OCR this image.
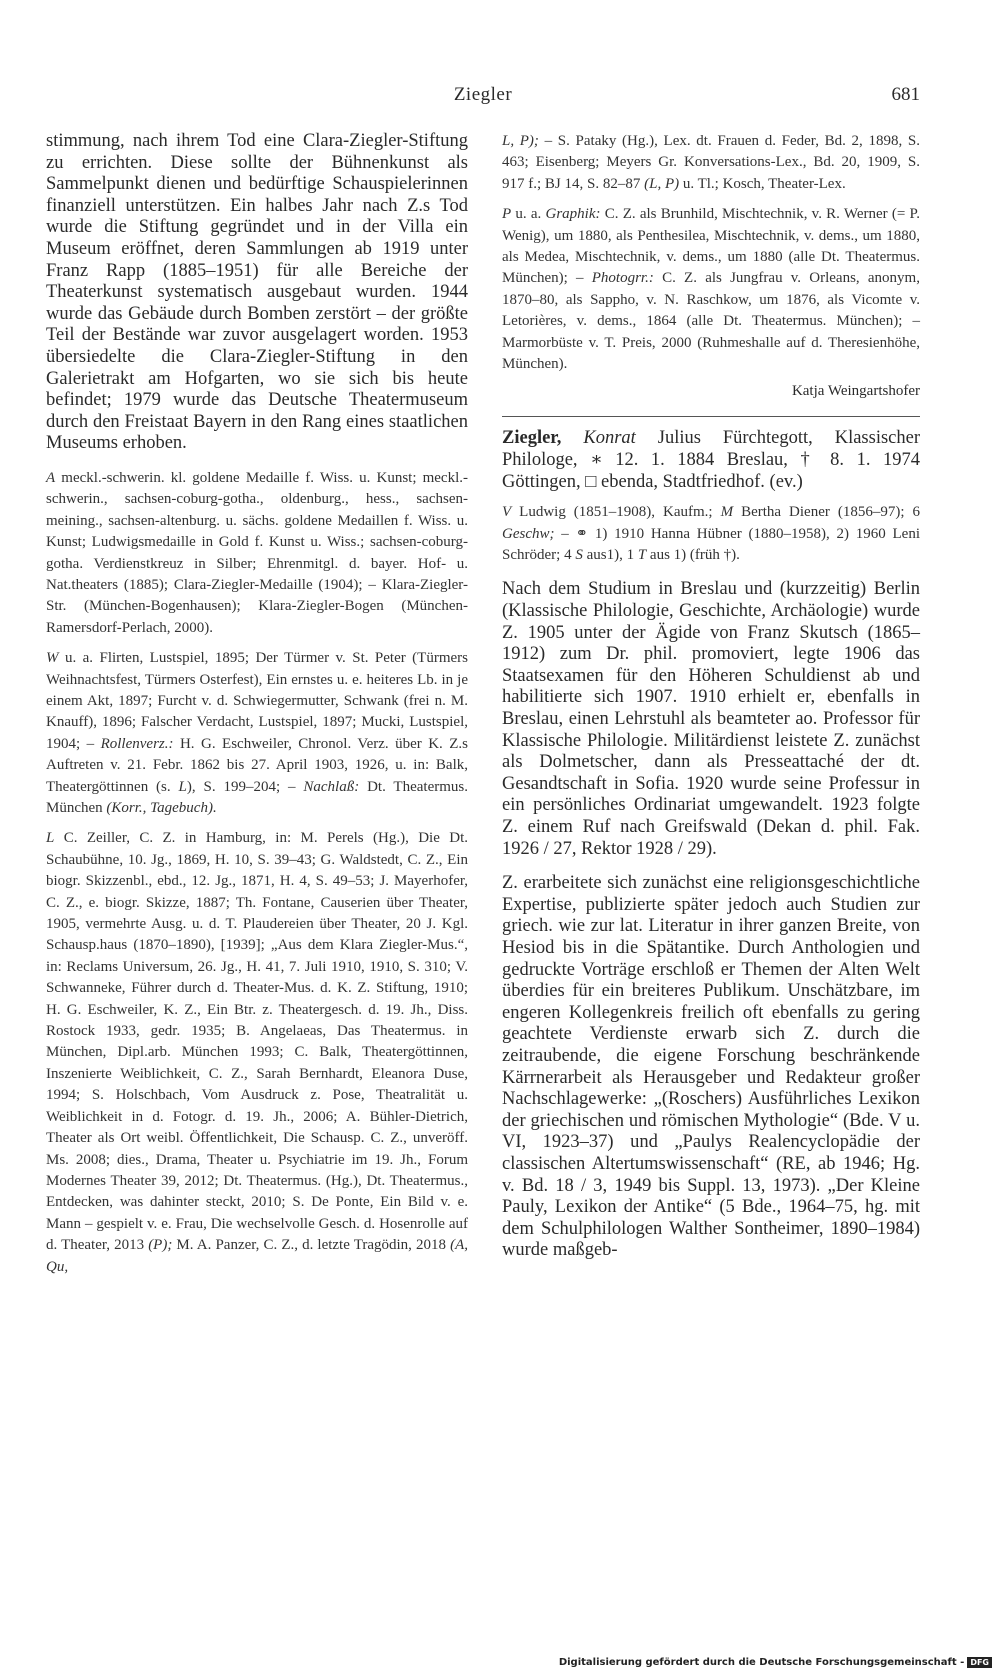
Ziegler	681

stimmung, nach ihrem Tod eine Clara-Ziegler-Stiftung zu errichten. Diese sollte der Bühnenkunst als Sammelpunkt dienen und bedürftige Schauspielerinnen finanziell unterstützen. Ein halbes Jahr nach Z.s Tod wurde die Stiftung gegründet und in der Villa ein Museum eröffnet, deren Sammlungen ab 1919 unter Franz Rapp (1885–1951) für alle Bereiche der Theaterkunst systematisch ausgebaut wurden. 1944 wurde das Gebäude durch Bomben zerstört – der größte Teil der Bestände war zuvor ausgelagert worden. 1953 übersiedelte die Clara-Ziegler-Stiftung in den Galerietrakt am Hofgarten, wo sie sich bis heute befindet; 1979 wurde das Deutsche Theatermuseum durch den Freistaat Bayern in den Rang eines staatlichen Museums erhoben.

A meckl.-schwerin. kl. goldene Medaille f. Wiss. u. Kunst; meckl.-schwerin., sachsen-coburg-gotha., oldenburg., hess., sachsen-meining., sachsen-altenburg. u. sächs. goldene Medaillen f. Wiss. u. Kunst; Ludwigsmedaille in Gold f. Kunst u. Wiss.; sachsen-coburg-gotha. Verdienstkreuz in Silber; Ehrenmitgl. d. bayer. Hof- u. Nat.theaters (1885); Clara-Ziegler-Medaille (1904); – Klara-Ziegler-Str. (München-Bogenhausen); Klara-Ziegler-Bogen (München-Ramersdorf-Perlach, 2000).

W u. a. Flirten, Lustspiel, 1895; Der Türmer v. St. Peter (Türmers Weihnachtsfest, Türmers Osterfest), Ein ernstes u. e. heiteres Lb. in je einem Akt, 1897; Furcht v. d. Schwiegermutter, Schwank (frei n. M. Knauff), 1896; Falscher Verdacht, Lustspiel, 1897; Mucki, Lustspiel, 1904; – Rollenverz.: H. G. Eschweiler, Chronol. Verz. über K. Z.s Auftreten v. 21. Febr. 1862 bis 27. April 1903, 1926, u. in: Balk, Theatergöttinnen (s. L), S. 199–204; – Nachlaß: Dt. Theatermus. München (Korr., Tagebuch).

L C. Zeiller, C. Z. in Hamburg, in: M. Perels (Hg.), Die Dt. Schaubühne, 10. Jg., 1869, H. 10, S. 39–43; G. Waldstedt, C. Z., Ein biogr. Skizzenbl., ebd., 12. Jg., 1871, H. 4, S. 49–53; J. Mayerhofer, C. Z., e. biogr. Skizze, 1887; Th. Fontane, Causerien über Theater, 1905, vermehrte Ausg. u. d. T. Plaudereien über Theater, 20 J. Kgl. Schausp.haus (1870–1890), [1939]; „Aus dem Klara Ziegler-Mus.“, in: Reclams Universum, 26. Jg., H. 41, 7. Juli 1910, 1910, S. 310; V. Schwanneke, Führer durch d. Theater-Mus. d. K. Z. Stiftung, 1910; H. G. Eschweiler, K. Z., Ein Btr. z. Theatergesch. d. 19. Jh., Diss. Rostock 1933, gedr. 1935; B. Angelaeas, Das Theatermus. in München, Dipl.arb. München 1993; C. Balk, Theatergöttinnen, Inszenierte Weiblichkeit, C. Z., Sarah Bernhardt, Eleanora Duse, 1994; S. Holschbach, Vom Ausdruck z. Pose, Theatralität u. Weiblichkeit in d. Fotogr. d. 19. Jh., 2006; A. Bühler-Dietrich, Theater als Ort weibl. Öffentlichkeit, Die Schausp. C. Z., unveröff. Ms. 2008; dies., Drama, Theater u. Psychiatrie im 19. Jh., Forum Modernes Theater 39, 2012; Dt. Theatermus. (Hg.), Dt. Theatermus., Entdecken, was dahinter steckt, 2010; S. De Ponte, Ein Bild v. e. Mann – gespielt v. e. Frau, Die wechselvolle Gesch. d. Hosenrolle auf d. Theater, 2013 (P); M. A. Panzer, C. Z., d. letzte Tragödin, 2018 (A, Qu,

L, P); – S. Pataky (Hg.), Lex. dt. Frauen d. Feder, Bd. 2, 1898, S. 463; Eisenberg; Meyers Gr. Konversations-Lex., Bd. 20, 1909, S. 917 f.; BJ 14, S. 82–87 (L, P) u. Tl.; Kosch, Theater-Lex.

P u. a. Graphik: C. Z. als Brunhild, Mischtechnik, v. R. Werner (= P. Wenig), um 1880, als Penthesilea, Mischtechnik, v. dems., um 1880, als Medea, Mischtechnik, v. dems., um 1880 (alle Dt. Theatermus. München); – Photogrr.: C. Z. als Jungfrau v. Orleans, anonym, 1870–80, als Sappho, v. N. Raschkow, um 1876, als Vicomte v. Letorières, v. dems., 1864 (alle Dt. Theatermus. München); – Marmorbüste v. T. Preis, 2000 (Ruhmeshalle auf d. Theresienhöhe, München).

Katja Weingartshofer

Ziegler, Konrat Julius Fürchtegott, Klassischer Philologe, ∗ 12. 1. 1884 Breslau, † 8. 1. 1974 Göttingen, □ ebenda, Stadtfriedhof. (ev.)

V Ludwig (1851–1908), Kaufm.; M Bertha Diener (1856–97); 6 Geschw; – ⚭ 1) 1910 Hanna Hübner (1880–1958), 2) 1960 Leni Schröder; 4 S aus1), 1 T aus 1) (früh †).

Nach dem Studium in Breslau und (kurzzeitig) Berlin (Klassische Philologie, Geschichte, Archäologie) wurde Z. 1905 unter der Ägide von Franz Skutsch (1865–1912) zum Dr. phil. promoviert, legte 1906 das Staatsexamen für den Höheren Schuldienst ab und habilitierte sich 1907. 1910 erhielt er, ebenfalls in Breslau, einen Lehrstuhl als beamteter ao. Professor für Klassische Philologie. Militärdienst leistete Z. zunächst als Dolmetscher, dann als Presseattaché der dt. Gesandtschaft in Sofia. 1920 wurde seine Professur in ein persönliches Ordinariat umgewandelt. 1923 folgte Z. einem Ruf nach Greifswald (Dekan d. phil. Fak. 1926 / 27, Rektor 1928 / 29).

Z. erarbeitete sich zunächst eine religionsgeschichtliche Expertise, publizierte später jedoch auch Studien zur griech. wie zur lat. Literatur in ihrer ganzen Breite, von Hesiod bis in die Spätantike. Durch Anthologien und gedruckte Vorträge erschloß er Themen der Alten Welt überdies für ein breiteres Publikum. Unschätzbare, im engeren Kollegenkreis freilich oft ebenfalls zu gering geachtete Verdienste erwarb sich Z. durch die zeitraubende, die eigene Forschung beschränkende Kärrnerarbeit als Herausgeber und Redakteur großer Nachschlagewerke: „(Roschers) Ausführliches Lexikon der griechischen und römischen Mythologie“ (Bde. V u. VI, 1923–37) und „Paulys Realencyclopädie der classischen Altertumswissenschaft“ (RE, ab 1946; Hg. v. Bd. 18 / 3, 1949 bis Suppl. 13, 1973). „Der Kleine Pauly, Lexikon der Antike“ (5 Bde., 1964–75, hg. mit dem Schulphilologen Walther Sontheimer, 1890–1984) wurde maßgeb-

Digitalisierung gefördert durch die Deutsche Forschungsgemeinschaft - DFG
